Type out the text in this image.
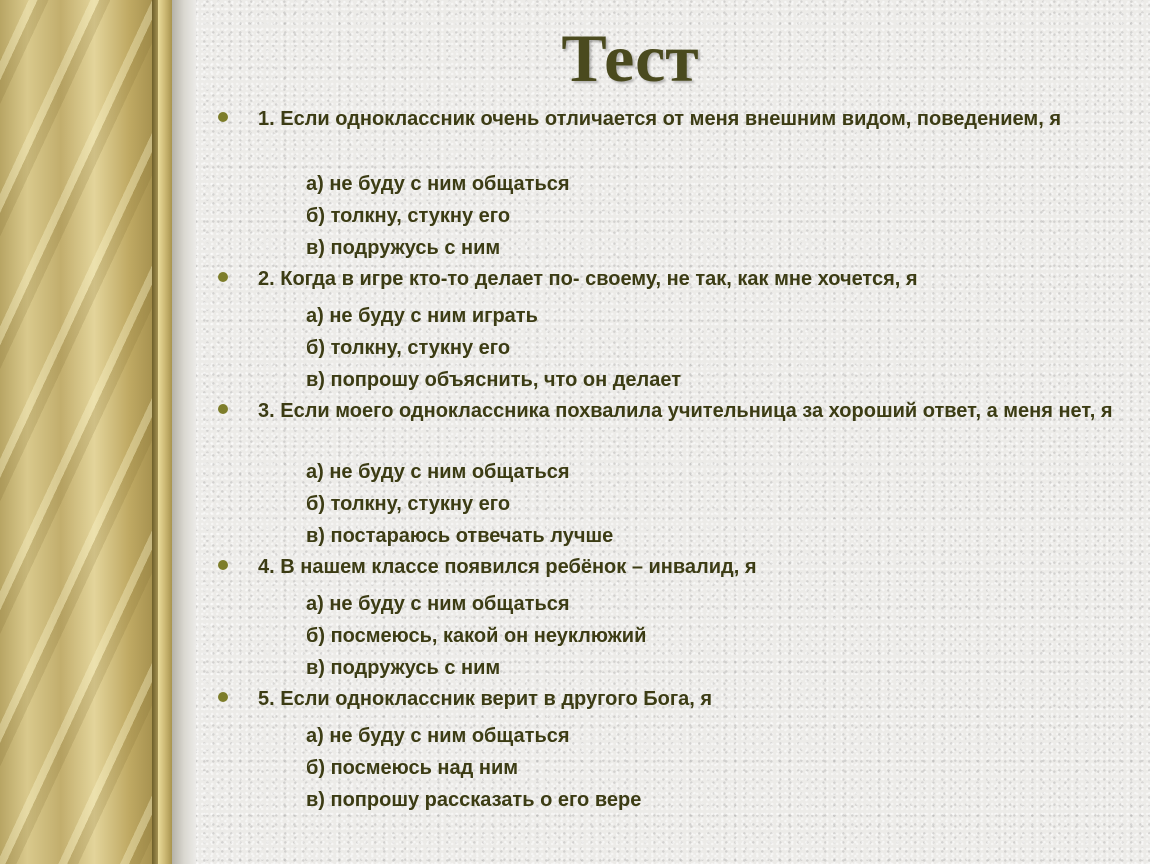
Тест
1. Если одноклассник очень отличается от меня внешним видом, поведением, я
а) не буду с ним общаться
б) толкну, стукну его
в) подружусь с ним
2. Когда в игре кто-то делает по- своему, не так, как мне хочется, я
а) не буду с ним играть
б) толкну, стукну его
в) попрошу объяснить, что он делает
3. Если моего одноклассника похвалила учительница за хороший ответ, а меня нет, я
а) не буду с ним общаться
б) толкну, стукну его
в) постараюсь отвечать лучше
4. В нашем классе появился ребёнок – инвалид, я
а) не буду с ним общаться
б) посмеюсь, какой он неуклюжий
в) подружусь с ним
5. Если одноклассник верит в другого Бога, я
а) не буду с ним общаться
б) посмеюсь над ним
в) попрошу рассказать о его вере
